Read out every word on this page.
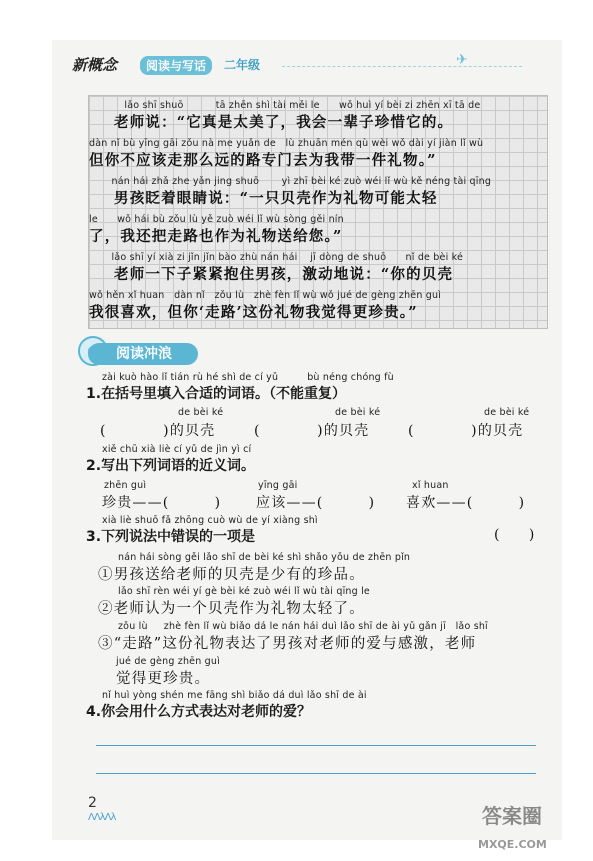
新概念	阅读与写话	二年级	✈
lǎo shī shuō          tā zhēn shì tài měi le      wǒ huì yí bèi zi zhēn xī tā de
老师说：“它真是太美了，我会一辈子珍惜它的。
dàn nǐ bù yīng gāi zǒu nà me yuǎn de   lù zhuān mén qù wèi wǒ dài yí jiàn lǐ wù
但你不应该走那么远的路专门去为我带一件礼物。”
nán hái zhǎ zhe yǎn jing shuō       yì zhī bèi ké zuò wéi lǐ wù kě néng tài qīng
男孩眨着眼睛说：“一只贝壳作为礼物可能太轻
le      wǒ hái bù zǒu lù yě zuò wéi lǐ wù sòng gěi nín
了，我还把走路也作为礼物送给您。”
lǎo shī yí xià zi jǐn jǐn bào zhù nán hái    jī dòng de shuō      nǐ de bèi ké
老师一下子紧紧抱住男孩，激动地说：“你的贝壳
wǒ hěn xǐ huan   dàn nǐ   zǒu lù   zhè fèn lǐ wù wǒ jué de gèng zhēn guì
我很喜欢，但你‘走路’这份礼物我觉得更珍贵。”
阅读冲浪
zài kuò hào lǐ tián rù hé shì de cí yǔ         bù néng chóng fù
1.在括号里填入合适的词语。（不能重复）
de bèi ké	de bèi ké	de bèi ké
(          )的贝壳	(          )的贝壳	(          )的贝壳
xiě chū xià liè cí yǔ de jìn yì cí
2.写出下列词语的近义词。
zhēn guì	yīng gāi	xǐ huan
珍贵——(        ) 应该——(        ) 喜欢——(        )
xià liè shuō fǎ zhōng cuò wù de yí xiàng shì
3.下列说法中错误的一项是	(     )
nán hái sòng gěi lǎo shī de bèi ké shì shǎo yǒu de zhēn pǐn
①男孩送给老师的贝壳是少有的珍品。
lǎo shī rèn wéi yí gè bèi ké zuò wéi lǐ wù tài qīng le
②老师认为一个贝壳作为礼物太轻了。
zǒu lù     zhè fèn lǐ wù biǎo dá le nán hái duì lǎo shī de ài yǔ gǎn jī   lǎo shī
③“走路”这份礼物表达了男孩对老师的爱与感激，老师
jué de gèng zhēn guì
觉得更珍贵。
nǐ huì yòng shén me fāng shì biǎo dá duì lǎo shī de ài
4.你会用什么方式表达对老师的爱？
2
ΛΛλΛλ	答案圈
MXQE.COM
